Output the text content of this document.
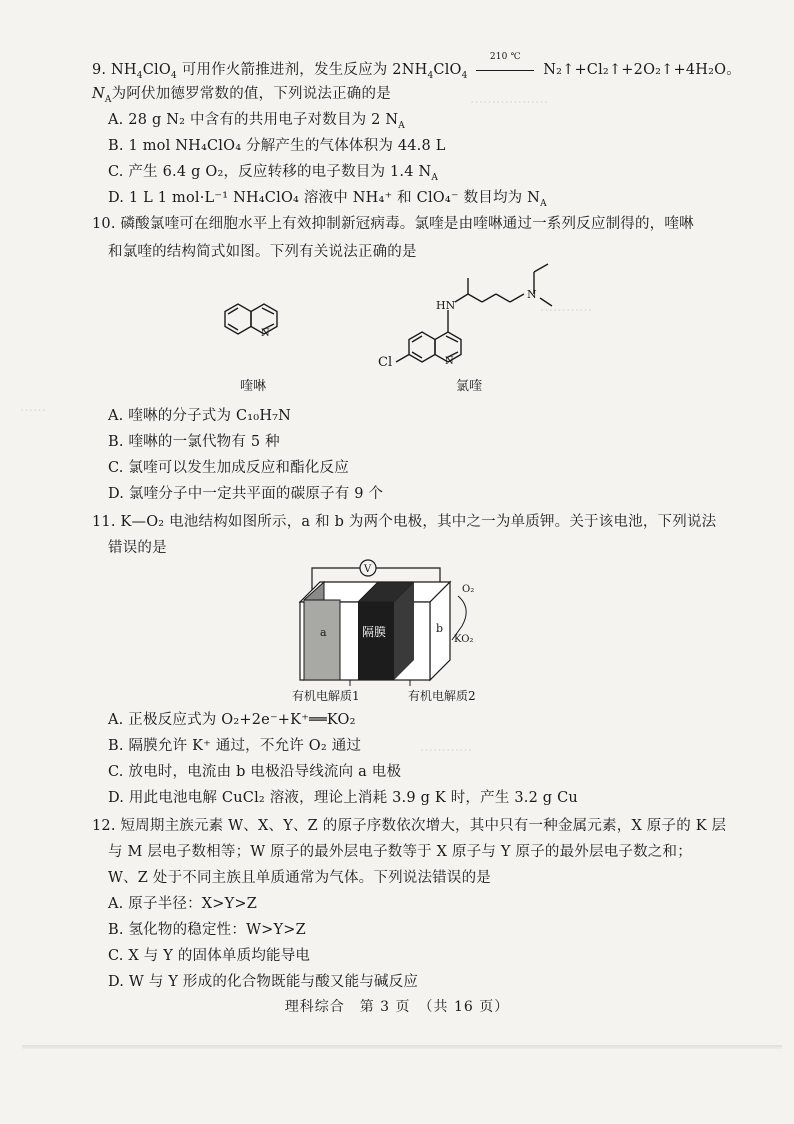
………………
…………
……
…………
9. $NH_4ClO_4$ 可用作火箭推进剂，发生反应为 $2NH_4ClO_4$
210 ℃
N₂↑+Cl₂↑+2O₂↑+4H₂O。
$N_A$为阿伏加德罗常数的值，下列说法正确的是
A. 28 g N₂ 中含有的共用电子对数目为 2 $N_A$
B. 1 mol NH₄ClO₄ 分解产生的气体体积为 44.8 L
C. 产生 6.4 g O₂，反应转移的电子数目为 1.4 $N_A$
D. 1 L 1 mol·L⁻¹ NH₄ClO₄ 溶液中 NH₄⁺ 和 ClO₄⁻ 数目均为 $N_A$
10. 磷酸氯喹可在细胞水平上有效抑制新冠病毒。氯喹是由喹啉通过一系列反应制得的，喹啉
和氯喹的结构简式如图。下列有关说法正确的是
N
N
Cl
HN
N
喹啉	氯喹
A. 喹啉的分子式为 C₁₀H₇N
B. 喹啉的一氯代物有 5 种
C. 氯喹可以发生加成反应和酯化反应
D. 氯喹分子中一定共平面的碳原子有 9 个
11. K—O₂ 电池结构如图所示，a 和 b 为两个电极，其中之一为单质钾。关于该电池，下列说法
错误的是
V
a	隔膜	b
O₂
KO₂
有机电解质1	有机电解质2
A. 正极反应式为 O₂+2e⁻+K⁺══KO₂
B. 隔膜允许 K⁺ 通过，不允许 O₂ 通过
C. 放电时，电流由 b 电极沿导线流向 a 电极
D. 用此电池电解 CuCl₂ 溶液，理论上消耗 3.9 g K 时，产生 3.2 g Cu
12. 短周期主族元素 W、X、Y、Z 的原子序数依次增大，其中只有一种金属元素，X 原子的 K 层
与 M 层电子数相等；W 原子的最外层电子数等于 X 原子与 Y 原子的最外层电子数之和；
W、Z 处于不同主族且单质通常为气体。下列说法错误的是
A. 原子半径：X>Y>Z
B. 氢化物的稳定性：W>Y>Z
C. X 与 Y 的固体单质均能导电
D. W 与 Y 形成的化合物既能与酸又能与碱反应
理科综合　第 3 页　（共 16 页）
